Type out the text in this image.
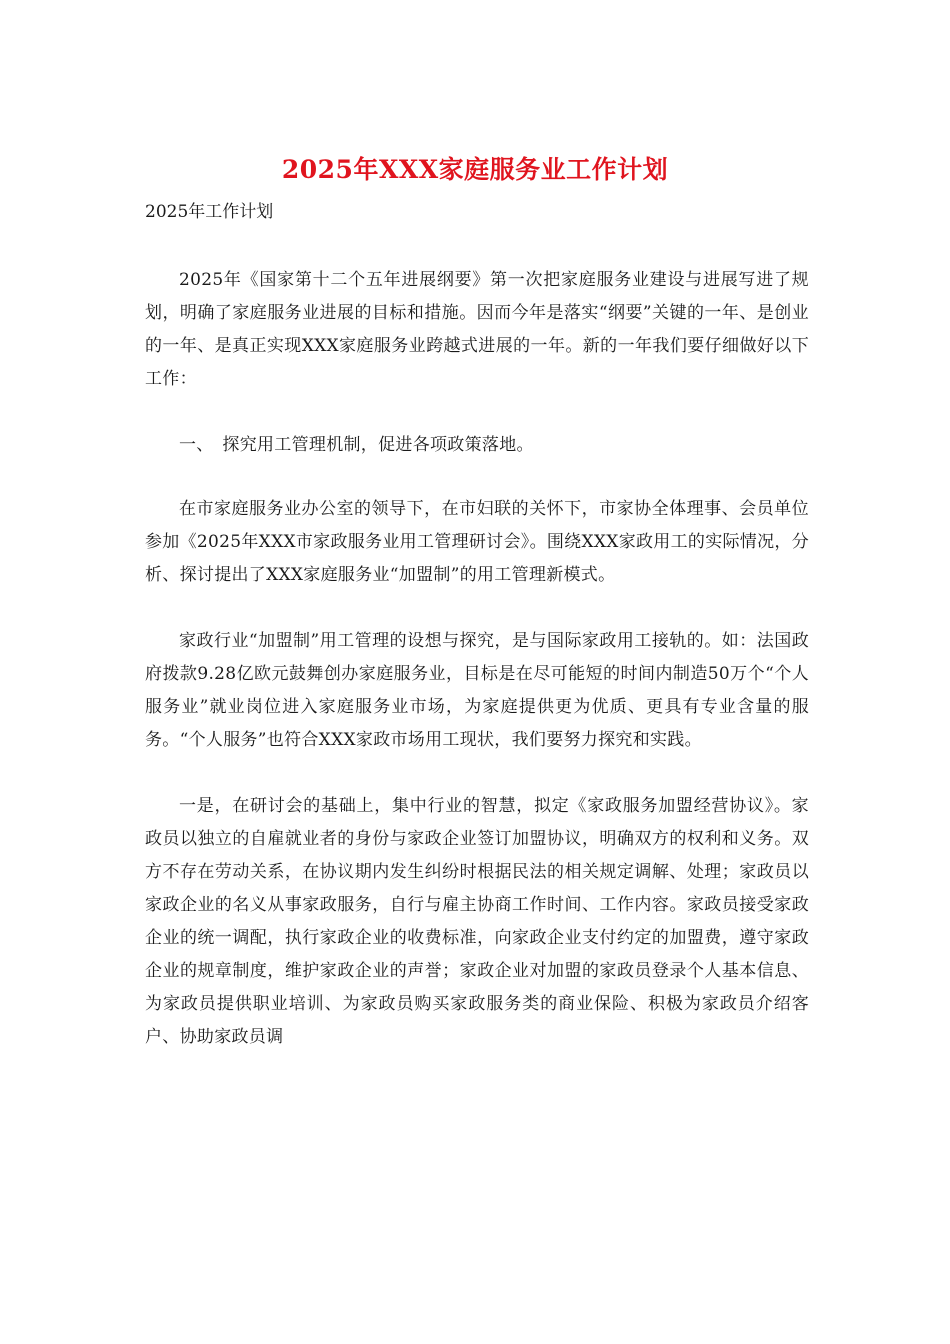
2025年XXX家庭服务业工作计划
2025年工作计划

2025年《国家第十二个五年进展纲要》第一次把家庭服务业建设与进展写进了规划，明确了家庭服务业进展的目标和措施。因而今年是落实“纲要”关键的一年、是创业的一年、是真正实现XXX家庭服务业跨越式进展的一年。新的一年我们要仔细做好以下工作：

一、　探究用工管理机制，促进各项政策落地。

在市家庭服务业办公室的领导下，在市妇联的关怀下，市家协全体理事、会员单位参加《2025年XXX市家政服务业用工管理研讨会》。围绕XXX家政用工的实际情况，分析、探讨提出了XXX家庭服务业“加盟制”的用工管理新模式。

家政行业“加盟制”用工管理的设想与探究，是与国际家政用工接轨的。如：法国政府拨款9.28亿欧元鼓舞创办家庭服务业，目标是在尽可能短的时间内制造50万个“个人服务业”就业岗位进入家庭服务业市场，为家庭提供更为优质、更具有专业含量的服务。“个人服务”也符合XXX家政市场用工现状，我们要努力探究和实践。

一是，在研讨会的基础上，集中行业的智慧，拟定《家政服务加盟经营协议》。家政员以独立的自雇就业者的身份与家政企业签订加盟协议，明确双方的权利和义务。双方不存在劳动关系，在协议期内发生纠纷时根据民法的相关规定调解、处理；家政员以家政企业的名义从事家政服务，自行与雇主协商工作时间、工作内容。家政员接受家政企业的统一调配，执行家政企业的收费标准，向家政企业支付约定的加盟费，遵守家政企业的规章制度，维护家政企业的声誉；家政企业对加盟的家政员登录个人基本信息、为家政员提供职业培训、为家政员购买家政服务类的商业保险、积极为家政员介绍客户、协助家政员调
